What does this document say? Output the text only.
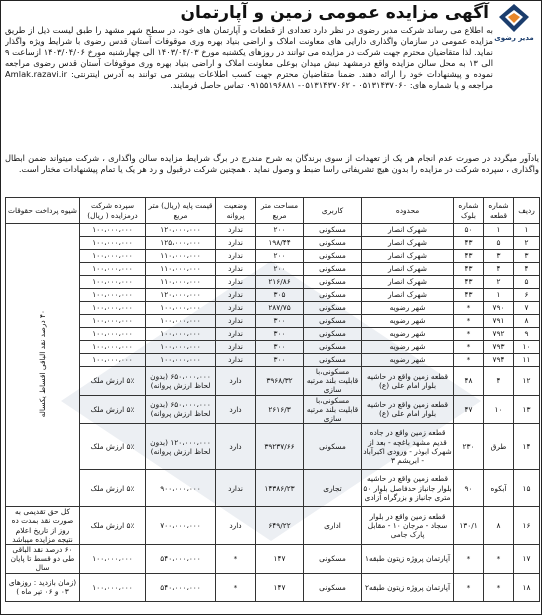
آگهی مزایده عمومی زمین و آپارتمان
مدیر رضوی
به اطلاع می رساند شرکت مدبر رضوی در نظر دارد تعدادی از قطعات و آپارتمان های خود، در سطح شهر مشهد را طبق لیست ذیل از طریق مزایده عمومی در سازمان واگذاری دارایی های معاونت املاک و اراضی بنیاد بهره وری موقوفات آستان قدس رضوی با شرایط ویژه واگذار نماید. لذا متقاضیان محترم جهت شرکت در مزایده می توانند در روزهای یکشنبه مورخ ۱۴۰۳/۰۴/۰۳ الی چهارشنبه مورخ ۱۴۰۳/۰۴/۰۶ ازساعت ۹ الی ۱۳ به محل سالن مزایده واقع درمشهد نبش میدان بوعلی معاونت املاک و اراضی بنیاد بهره وری موقوفات آستان قدس رضوی مراجعه نموده و پیشنهادات خود را ارائه دهند. ضمنا متقاضیان محترم جهت کسب اطلاعات بیشتر می توانند به آدرس اینترنتی: Amlak.razavi.ir مراجعه و یا شماره های: ۰۵۱۳۱۴۳۷۰۶۰ - ۰۵۱۳۱۴۳۷۰۶۲- ۰۹۱۵۵۱۹۶۸۸۱ تماس حاصل فرمایند.
یادآور میگردد در صورت عدم انجام هر یک از تعهدات از سوی برندگان به شرح مندرج در برگ شرایط مزایده سالن واگذاری ، شرکت میتواند ضمن ابطال واگذاری ، سپرده شرکت در مزایده را بدون هیچ تشریفاتی راسا ضبط و وصول نماید . همچنین شرکت درقبول و رد هر یک یا تمام پیشنهادات مختار است.
ردیف	شماره قطعه	شماره بلوک	محدوده	کاربری	مساحت متر مربع	وضعیت پروانه	قیمت پایه (ریال) متر مربع	سپرده شرکت درمزایده ( ریال)	شیوه پرداخت حقوقات
۱	۱	۵۰	شهرک انصار	مسکونی	۲۰۰	ندارد	۱۲۰،۰۰۰،۰۰۰	۱۰۰،۰۰۰،۰۰۰	۴۰ درصد نقد الباقی اقساط یکساله
۲	۵	۴۳	شهرک انصار	مسکونی	۱۹۸/۴۴	ندارد	۱۲۵،۰۰۰،۰۰۰	۱۰۰،۰۰۰،۰۰۰	
۳	۳	۴۳	شهرک انصار	مسکونی	۲۰۰	ندارد	۱۱۰،۰۰۰،۰۰۰	۱۰۰،۰۰۰،۰۰۰	
۴	۴	۴۳	شهرک انصار	مسکونی	۲۰۰	ندارد	۱۱۰،۰۰۰،۰۰۰	۱۰۰،۰۰۰،۰۰۰	
۵	۲	۴۳	شهرک انصار	مسکونی	۲۱۶/۸۶	ندارد	۱۱۰،۰۰۰،۰۰۰	۱۰۰،۰۰۰،۰۰۰	
۶	۱	۴۳	شهرک انصار	مسکونی	۳۰۵	ندارد	۱۲۰،۰۰۰،۰۰۰	۱۰۰،۰۰۰،۰۰۰	
۷	۷۹۰	*	شهر رضویه	مسکونی	۲۸۷/۷۵	ندارد	۱۰۰،۰۰۰،۰۰۰	۱۰۰،۰۰۰،۰۰۰	
۸	۷۹۱	*	شهر رضویه	مسکونی	۳۰۰	ندارد	۱۰۰،۰۰۰،۰۰۰	۱۰۰،۰۰۰،۰۰۰	
۹	۷۹۲	*	شهر رضویه	مسکونی	۳۰۰	ندارد	۱۰۰،۰۰۰،۰۰۰	۱۰۰،۰۰۰،۰۰۰	
۱۰	۷۹۳	*	شهر رضویه	مسکونی	۳۰۰	ندارد	۱۰۰،۰۰۰،۰۰۰	۱۰۰،۰۰۰،۰۰۰	
۱۱	۷۹۴	*	شهر رضویه	مسکونی	۳۰۰	ندارد	۱۰۰،۰۰۰،۰۰۰	۱۰۰،۰۰۰،۰۰۰	
۱۲	۴	۴۸	قطعه زمین واقع در حاشیه بلوار امام علی (ع)	مسکونی،با قابلیت بلند مرتبه سازی	۳۹۶۸/۳۲	دارد	۶۵۰،۰۰۰،۰۰۰ (بدون لحاظ ارزش پروانه)	۵٪ ارزش ملک	
۱۳	۱۰	۴۷	قطعه زمین واقع در حاشیه بلوار امام علی (ع)	مسکونی،با قابلیت بلند مرتبه سازی	۲۶۱۶/۳	دارد	۶۵۰،۰۰۰،۰۰۰ (بدون لحاظ ارزش پروانه)	۵٪ ارزش ملک	
۱۴	طرق	۲۳۰	قطعه زمین واقع در جاده قدیم مشهد باغچه - بعد از شهرک ابوذر - ورودی اکبرآباد - ابریشم ۳	مسکونی	۳۹۲۳۷/۶۶	دارد	۱۲۰،۰۰۰،۰۰۰ (بدون لحاظ ارزش پروانه)	۵٪ ارزش ملک	
۱۵	آبکوه	۹۰	قطعه زمین واقع در حاشیه بلوار جانباز حدفاصل بلوار ۵۰ متری جانباز و بزرگراه آزادی	تجاری	۱۴۳۸۶/۲۳	ندارد	۹۰۰،۰۰۰،۰۰۰	۵٪ ارزش ملک	
۱۶	۸	۱۳۰/۱	قطعه زمین واقع در بلوار سجاد - مرجان ۱۰ - مقابل پارک جامی	اداری	۶۴۹/۲۲	دارد	۷۰۰،۰۰۰،۰۰۰	۵٪ ارزش ملک	کل حق تقدیمی به صورت نقد بمدت ده روز از تاریخ اعلام نتیجه مزایده میباشد
۱۷	*	*	آپارتمان پروژه زیتون طبقه۱	مسکونی	۱۴۷	*	۵۴۰،۰۰۰،۰۰۰	۱۰۰،۰۰۰،۰۰۰	۶۰ درصد نقد الباقی طی دو قسط تا پایان سال
۱۸	*	*	آپارتمان پروژه زیتون طبقه۲	مسکونی	۱۴۷	*	۵۴۰،۰۰۰،۰۰۰	۱۰۰،۰۰۰،۰۰۰	(زمان بازدید : روزهای ۰۳ و ۰۶ تیر ماه )
